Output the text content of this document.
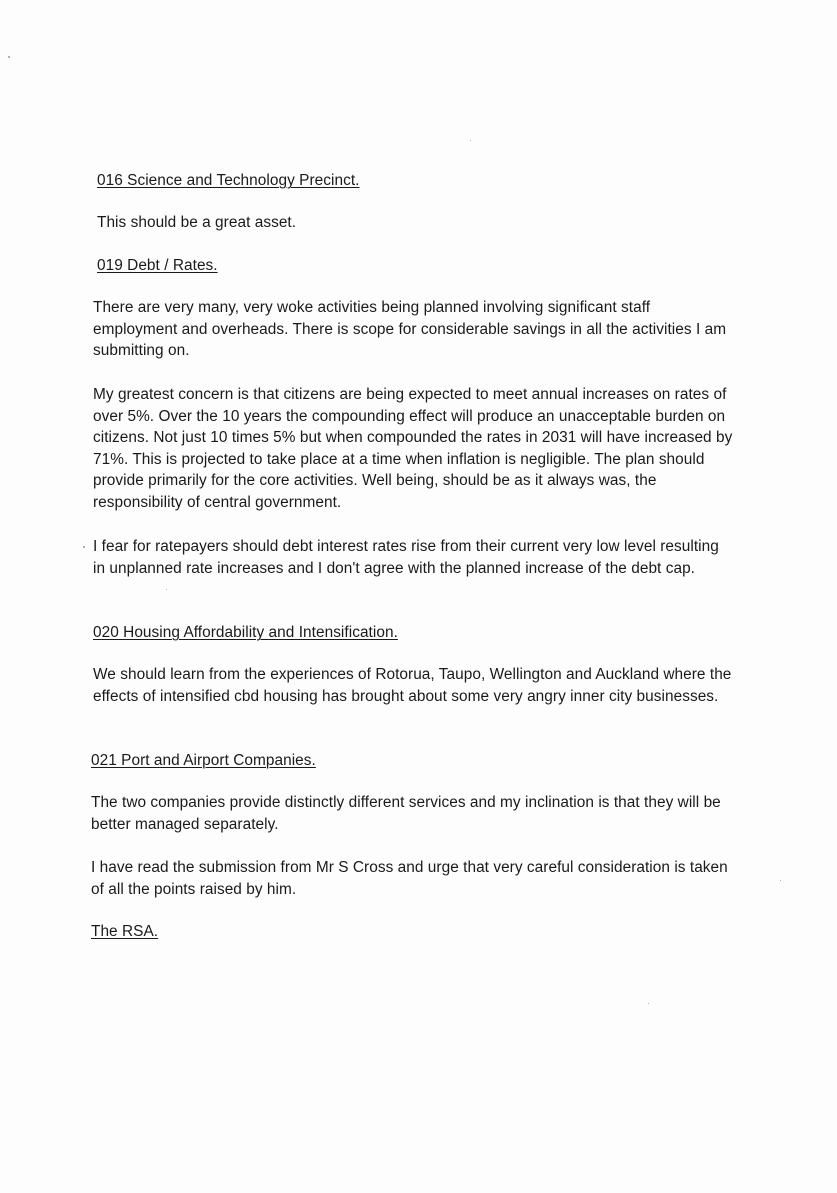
016 Science and Technology Precinct.

This should be a great asset.

019 Debt / Rates.

There are very many, very woke activities being planned involving significant staff employment and overheads. There is scope for considerable savings in all the activities I am submitting on.

My greatest concern is that citizens are being expected to meet annual increases on rates of over 5%. Over the 10 years the compounding effect will produce an unacceptable burden on citizens. Not just 10 times 5% but when compounded the rates in 2031 will have increased by 71%. This is projected to take place at a time when inflation is negligible. The plan should provide primarily for the core activities. Well being, should be as it always was, the responsibility of central government.

I fear for ratepayers should debt interest rates rise from their current very low level resulting in unplanned rate increases and I don't agree with the planned increase of the debt cap.

020 Housing Affordability and Intensification.

We should learn from the experiences of Rotorua, Taupo, Wellington and Auckland where the effects of intensified cbd housing has brought about some very angry inner city businesses.

021 Port and Airport Companies.

The two companies provide distinctly different services and my inclination is that they will be better managed separately.

I have read the submission from Mr S Cross and urge that very careful consideration is taken of all the points raised by him.

The RSA.
